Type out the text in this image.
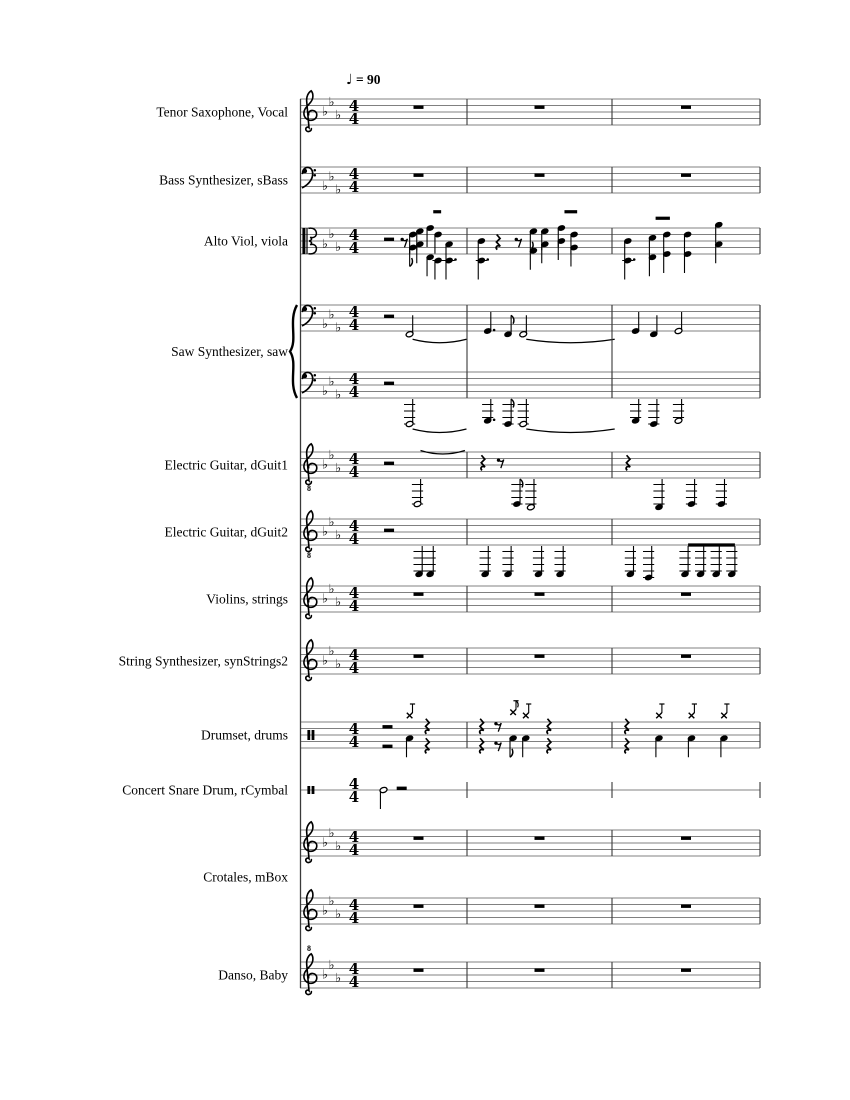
♭
♭
♭ 4
4
♭
♭
♭
4
4
♭
♭
♭
4
4
♭
♭
♭
4
4
♭
♭
♭
4
4
8
♭
♭
♭ 4
4
8
♭
♭
♭ 4
4
♭
♭
♭ 4
4
♭
♭
♭ 4
4
4
4
4
4
♭
♭
♭ 4
4
♭
♭
♭ 4
4
8
♭
♭
♭ 4
4
Tenor Saxophone, Vocal
Bass Synthesizer, sBass
Alto Viol, viola
Saw Synthesizer, saw
Electric Guitar, dGuit1
Electric Guitar, dGuit2
Violins, strings
String Synthesizer, synStrings2
Drumset, drums
Concert Snare Drum, rCymbal
Crotales, mBox
Danso, Baby
♩ = 90
